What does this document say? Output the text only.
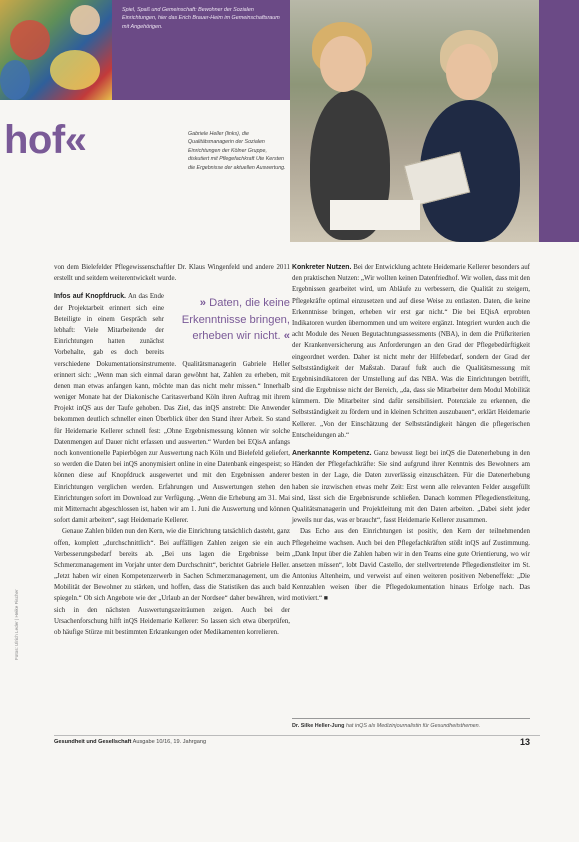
Spiel, Spaß und Gemeinschaft: Bewohner der Sozialen Einrichtungen, hier das Erich Brauer-Heim im Gemeinschaftsraum mit Angehörigen.

hof«	Gabriele Heller (links), die Qualitätsmanagerin der Sozialen Einrichtungen der Kölner Gruppe, diskutiert mit Pflegefachkraft Ute Kersten die Ergebnisse der aktuellen Auswertung.

von dem Bielefelder Pflegewissenschaftler Dr. Klaus Wingenfeld und andere 2011 erstellt und seitdem weiterentwickelt wurde.

Infos auf Knopfdruck.
» Daten, die keine Erkenntnisse bringen, erheben wir nicht. «
An das Ende der Projektarbeit erinnert sich eine Beteiligte in einem Gespräch sehr lebhaft: Viele Mitarbeitende der Einrichtungen hatten zunächst Vorbehalte, gab es doch bereits verschiedene Dokumentationsinstrumente. Qualitätsmanagerin Gabriele Heller erinnert sich: „Wenn man sich einmal daran gewöhnt hat, Zahlen zu erheben, mit denen man etwas anfangen kann, möchte man das nicht mehr missen.“ Innerhalb weniger Monate hat der Diakonische Caritasverband Köln ihren Auftrag mit ihrem Projekt inQS aus der Taufe gehoben. Das Ziel, das inQS anstrebt: Die Anwender bekommen deutlich schneller einen Überblick über den Stand ihrer Arbeit. So stand für Heidemarie Kellerer schnell fest: „Ohne Ergebnismessung können wir solche Datenmengen auf Dauer nicht erfassen und auswerten.“ Wurden bei EQisA anfangs noch konventionelle Papierbögen zur Auswertung nach Köln und Bielefeld geliefert, so werden die Daten bei inQS anonymisiert online in eine Datenbank eingespeist; so können diese auf Knopfdruck ausgewertet und mit den Ergebnissen anderer Einrichtungen verglichen werden. Erfahrungen und Auswertungen stehen den Einrichtungen sofort im Download zur Verfügung. „Wenn die Erhebung am 31. Mai mit Mitternacht abgeschlossen ist, haben wir am 1. Juni die Auswertung und können sofort damit arbeiten“, sagt Heidemarie Kellerer.

Genaue Zahlen bilden nun den Kern, wie die Einrichtung tatsächlich dasteht, ganz offen, komplett „durchschnittlich“. Bei auffälligen Zahlen zeigen sie ein auch Verbesserungsbedarf bereits ab. „Bei uns lagen die Ergebnisse beim Schmerzmanagement im Vorjahr unter dem Durchschnitt“, berichtet Gabriele Heller. „Jetzt haben wir einen Kompetenzerwerb in Sachen Schmerzmanagement, um die Mobilität der Bewohner zu stärken, und hoffen, dass die Statistiken das auch bald spiegeln.“ Ob sich Angebote wie der „Urlaub an der Nordsee“ daher bewähren, wird sich in den nächsten Auswertungszeiträumen zeigen. Auch bei der Ursachenforschung hilft inQS Heidemarie Kellerer: So lassen sich etwa überprüfen, ob häufige Stürze mit bestimmten Erkrankungen oder Medikamenten korrelieren.

Konkreter Nutzen. Bei der Entwicklung achtete Heidemarie Kellerer besonders auf den praktischen Nutzen: „Wir wollten keinen Datenfriedhof. Wir wollen, dass mit den Ergebnissen gearbeitet wird, um Abläufe zu verbessern, die Qualität zu steigern, Pflegekräfte optimal einzusetzen und auf diese Weise zu entlasten. Daten, die keine Erkenntnisse bringen, erheben wir erst gar nicht.“ Die bei EQisA erprobten Indikatoren wurden übernommen und um weitere ergänzt. Integriert wurden auch die acht Module des Neuen Begutachtungsassessments (NBA), in dem die Prüfkriterien der Krankenversicherung aus Anforderungen an den Grad der Pflegebedürftigkeit eingeordnet werden. Daher ist nicht mehr der Hilfebedarf, sondern der Grad der Selbstständigkeit der Maßstab. Darauf fußt auch die Qualitätsmessung mit Ergebnisindikatoren der Umstellung auf das NBA. Was die Einrichtungen betrifft, sind die Ergebnisse nicht der Bereich, „da, dass sie Mitarbeiter dem Modul Mobilität kümmern. Die Mitarbeiter sind dafür sensibilisiert. Potenziale zu erkennen, die Selbstständigkeit zu fördern und in kleinen Schritten auszubauen“, erklärt Heidemarie Kellerer. „Von der Einschätzung der Selbstständigkeit hängen die pflegerischen Entscheidungen ab.“

Anerkannte Kompetenz. Ganz bewusst liegt bei inQS die Datenerhebung in den Händen der Pflegefachkräfte: Sie sind aufgrund ihrer Kenntnis des Bewohners am besten in der Lage, die Daten zuverlässig einzuschätzen. Für die Datenerhebung haben sie inzwischen etwas mehr Zeit: Erst wenn alle relevanten Felder ausgefüllt sind, lässt sich die Ergebnisrunde schließen. Danach kommen Pflegedienstleitung, Qualitätsmanagerin und Projektleitung mit den Daten arbeiten. „Dabei sieht jeder jeweils nur das, was er braucht“, fasst Heidemarie Kellerer zusammen.

Das Echo aus den Einrichtungen ist positiv, den Kern der teilnehmenden Pflegeheime wachsen. Auch bei den Pflegefachkräften stößt inQS auf Zustimmung. „Dank Input über die Zahlen haben wir in den Teams eine gute Orientierung, wo wir ansetzen müssen“, lobt David Castello, der stellvertretende Pflegedienstleiter im St. Antonius Altenheim, und verweist auf einen weiteren positiven Nebeneffekt: „Die Kennzahlen weisen über die Pflegedokumentation hinaus Erfolge nach. Das motiviert.“ ■

Dr. Silke Heller-Jung hat inQS als Medizinjournalistin für Gesundheitsthemen.
Fotos: Ulrich Leder | Heike Fischer
Gesundheit und Gesellschaft Ausgabe 10/16, 19. Jahrgang	13
